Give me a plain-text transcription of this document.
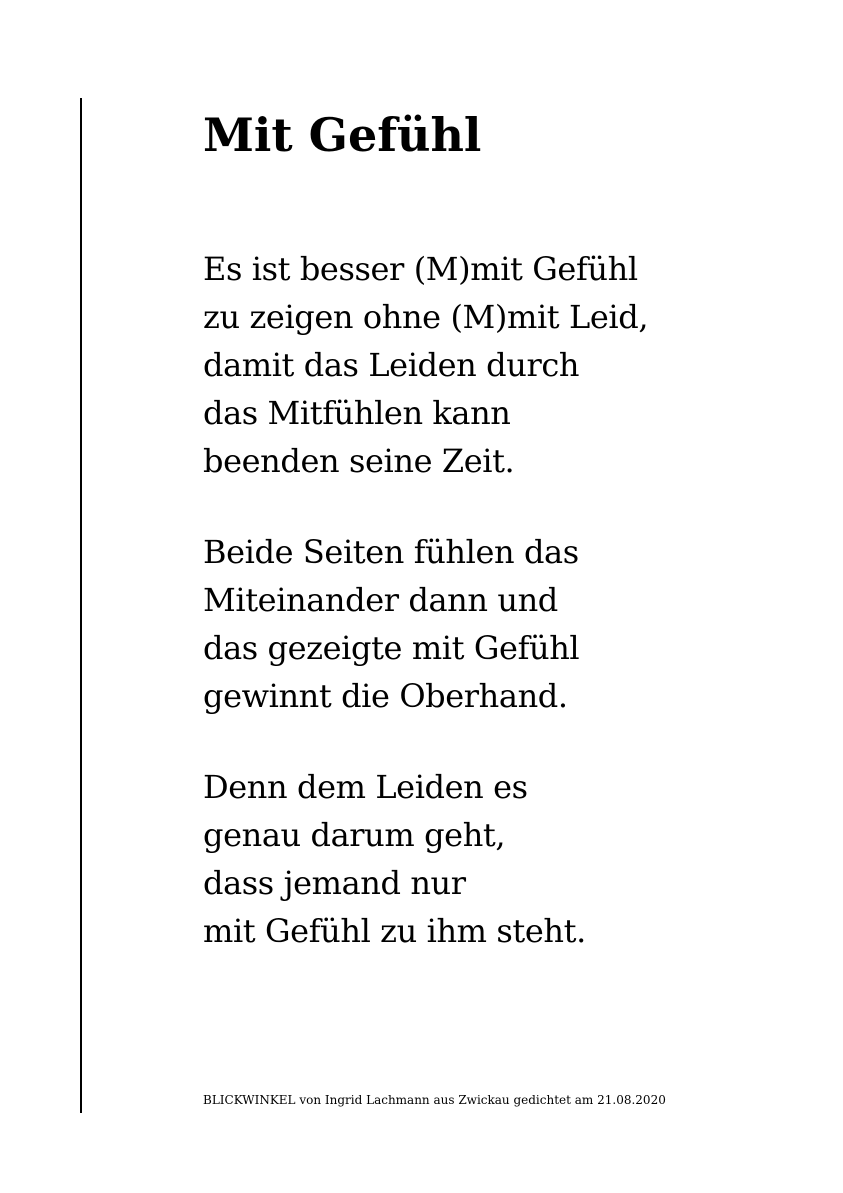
Mit Gefühl
Es ist besser (M)mit Gefühl
zu zeigen ohne (M)mit Leid,
damit das Leiden durch
das Mitfühlen kann
beenden seine Zeit.
Beide Seiten fühlen das
Miteinander dann und
das gezeigte mit Gefühl
gewinnt die Oberhand.
Denn dem Leiden es
genau darum geht,
dass jemand nur
mit Gefühl zu ihm steht.

BLICKWINKEL von Ingrid Lachmann aus Zwickau gedichtet am 21.08.2020
